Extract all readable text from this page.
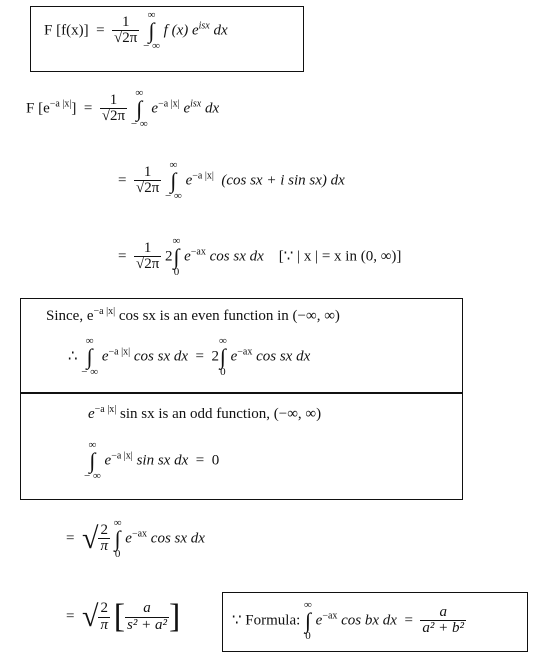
F $[f(x)] = \frac{1}{√2\pi}$
∞
∫
− ∞
f (x) $e^{isx}$ dx
F $[e^{-a |x|}] = \frac{1}{√2\pi}$
∞
∫
− ∞
$e^{-a |x|}$ $e^{isx}$ dx
= $\frac{1}{√2\pi}$
∞
∫
− ∞
$e^{-a |x|}$ (cos sx + i sin sx) dx
= $\frac{1}{√2\pi} 2$
∞
∫
0
$e^{-ax}$ cos sx dx [∵ | x | = x in (0, ∞)]
Since, $e^{-a |x|}$ cos sx is an even function in (−∞, ∞)
∴
∞
∫
− ∞
$e^{-a |x|}$ cos sx dx = 2
∞
∫
0
$e^{-ax}$ cos sx dx
$e^{-a |x|}$ sin sx is an odd function, (−∞, ∞)
∞
∫
− ∞
$e^{-a |x|}$ sin sx dx = 0
= √ $\frac{2}{\pi}$
∞
∫
0
$e^{-ax}$ cos sx dx
= √ $\frac{2}{\pi}$ [ $\frac{a}{\text{s² + a²}}$ ]	∵ Formula:
∞
∫
0
$e^{-ax}$ cos bx dx = $\frac{a}{\text{a² + b²}}$
